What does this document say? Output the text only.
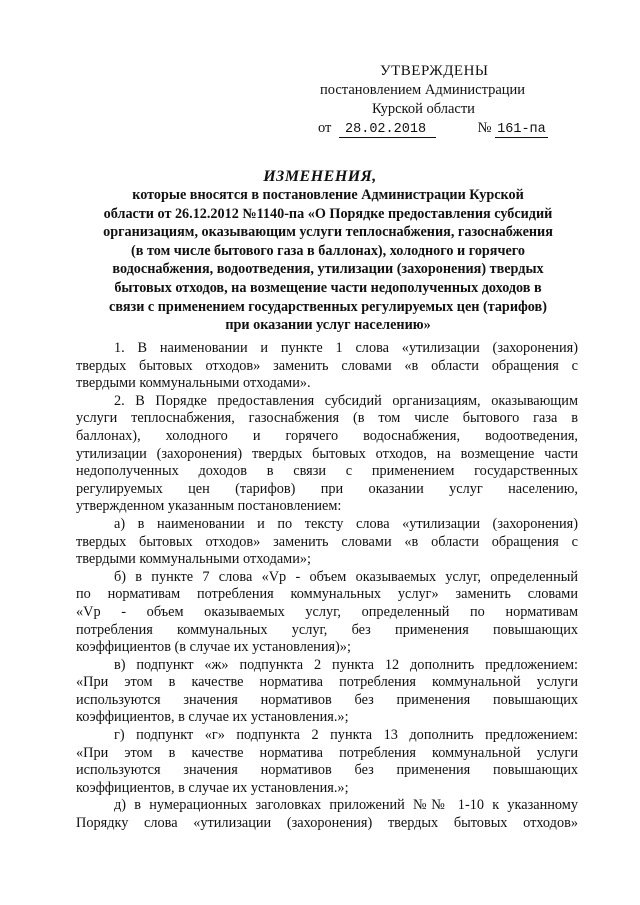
УТВЕРЖДЕНЫ
постановлением Администрации
Курской области
от 28.02.2018	№ 161-па
ИЗМЕНЕНИЯ,
которые вносятся в постановление Администрации Курской
области от 26.12.2012 №1140-па «О Порядке предоставления субсидий
организациям, оказывающим услуги теплоснабжения, газоснабжения
(в том числе бытового газа в баллонах), холодного и горячего
водоснабжения, водоотведения, утилизации (захоронения) твердых
бытовых отходов, на возмещение части недополученных доходов в
связи с применением государственных регулируемых цен (тарифов)
при оказании услуг населению»

1. В наименовании и пункте 1 слова «утилизации (захоронения)
твердых бытовых отходов» заменить словами «в области обращения с
твердыми коммунальными отходами».

2. В Порядке предоставления субсидий организациям, оказывающим
услуги теплоснабжения, газоснабжения (в том числе бытового газа в
баллонах), холодного и горячего водоснабжения, водоотведения,
утилизации (захоронения) твердых бытовых отходов, на возмещение части
недополученных доходов в связи с применением государственных
регулируемых цен (тарифов) при оказании услуг населению,
утвержденном указанным постановлением:

а) в наименовании и по тексту слова «утилизации (захоронения)
твердых бытовых отходов» заменить словами «в области обращения с
твердыми коммунальными отходами»;

б) в пункте 7 слова «Vр - объем оказываемых услуг, определенный
по нормативам потребления коммунальных услуг» заменить словами
«Vр - объем оказываемых услуг, определенный по нормативам
потребления коммунальных услуг, без применения повышающих
коэффициентов (в случае их установления)»;

в) подпункт «ж» подпункта 2 пункта 12 дополнить предложением:
«При этом в качестве норматива потребления коммунальной услуги
используются значения нормативов без применения повышающих
коэффициентов, в случае их установления.»;

г) подпункт «г» подпункта 2 пункта 13 дополнить предложением:
«При этом в качестве норматива потребления коммунальной услуги
используются значения нормативов без применения повышающих
коэффициентов, в случае их установления.»;

д) в нумерационных заголовках приложений №№ 1-10 к указанному
Порядку слова «утилизации (захоронения) твердых бытовых отходов»
